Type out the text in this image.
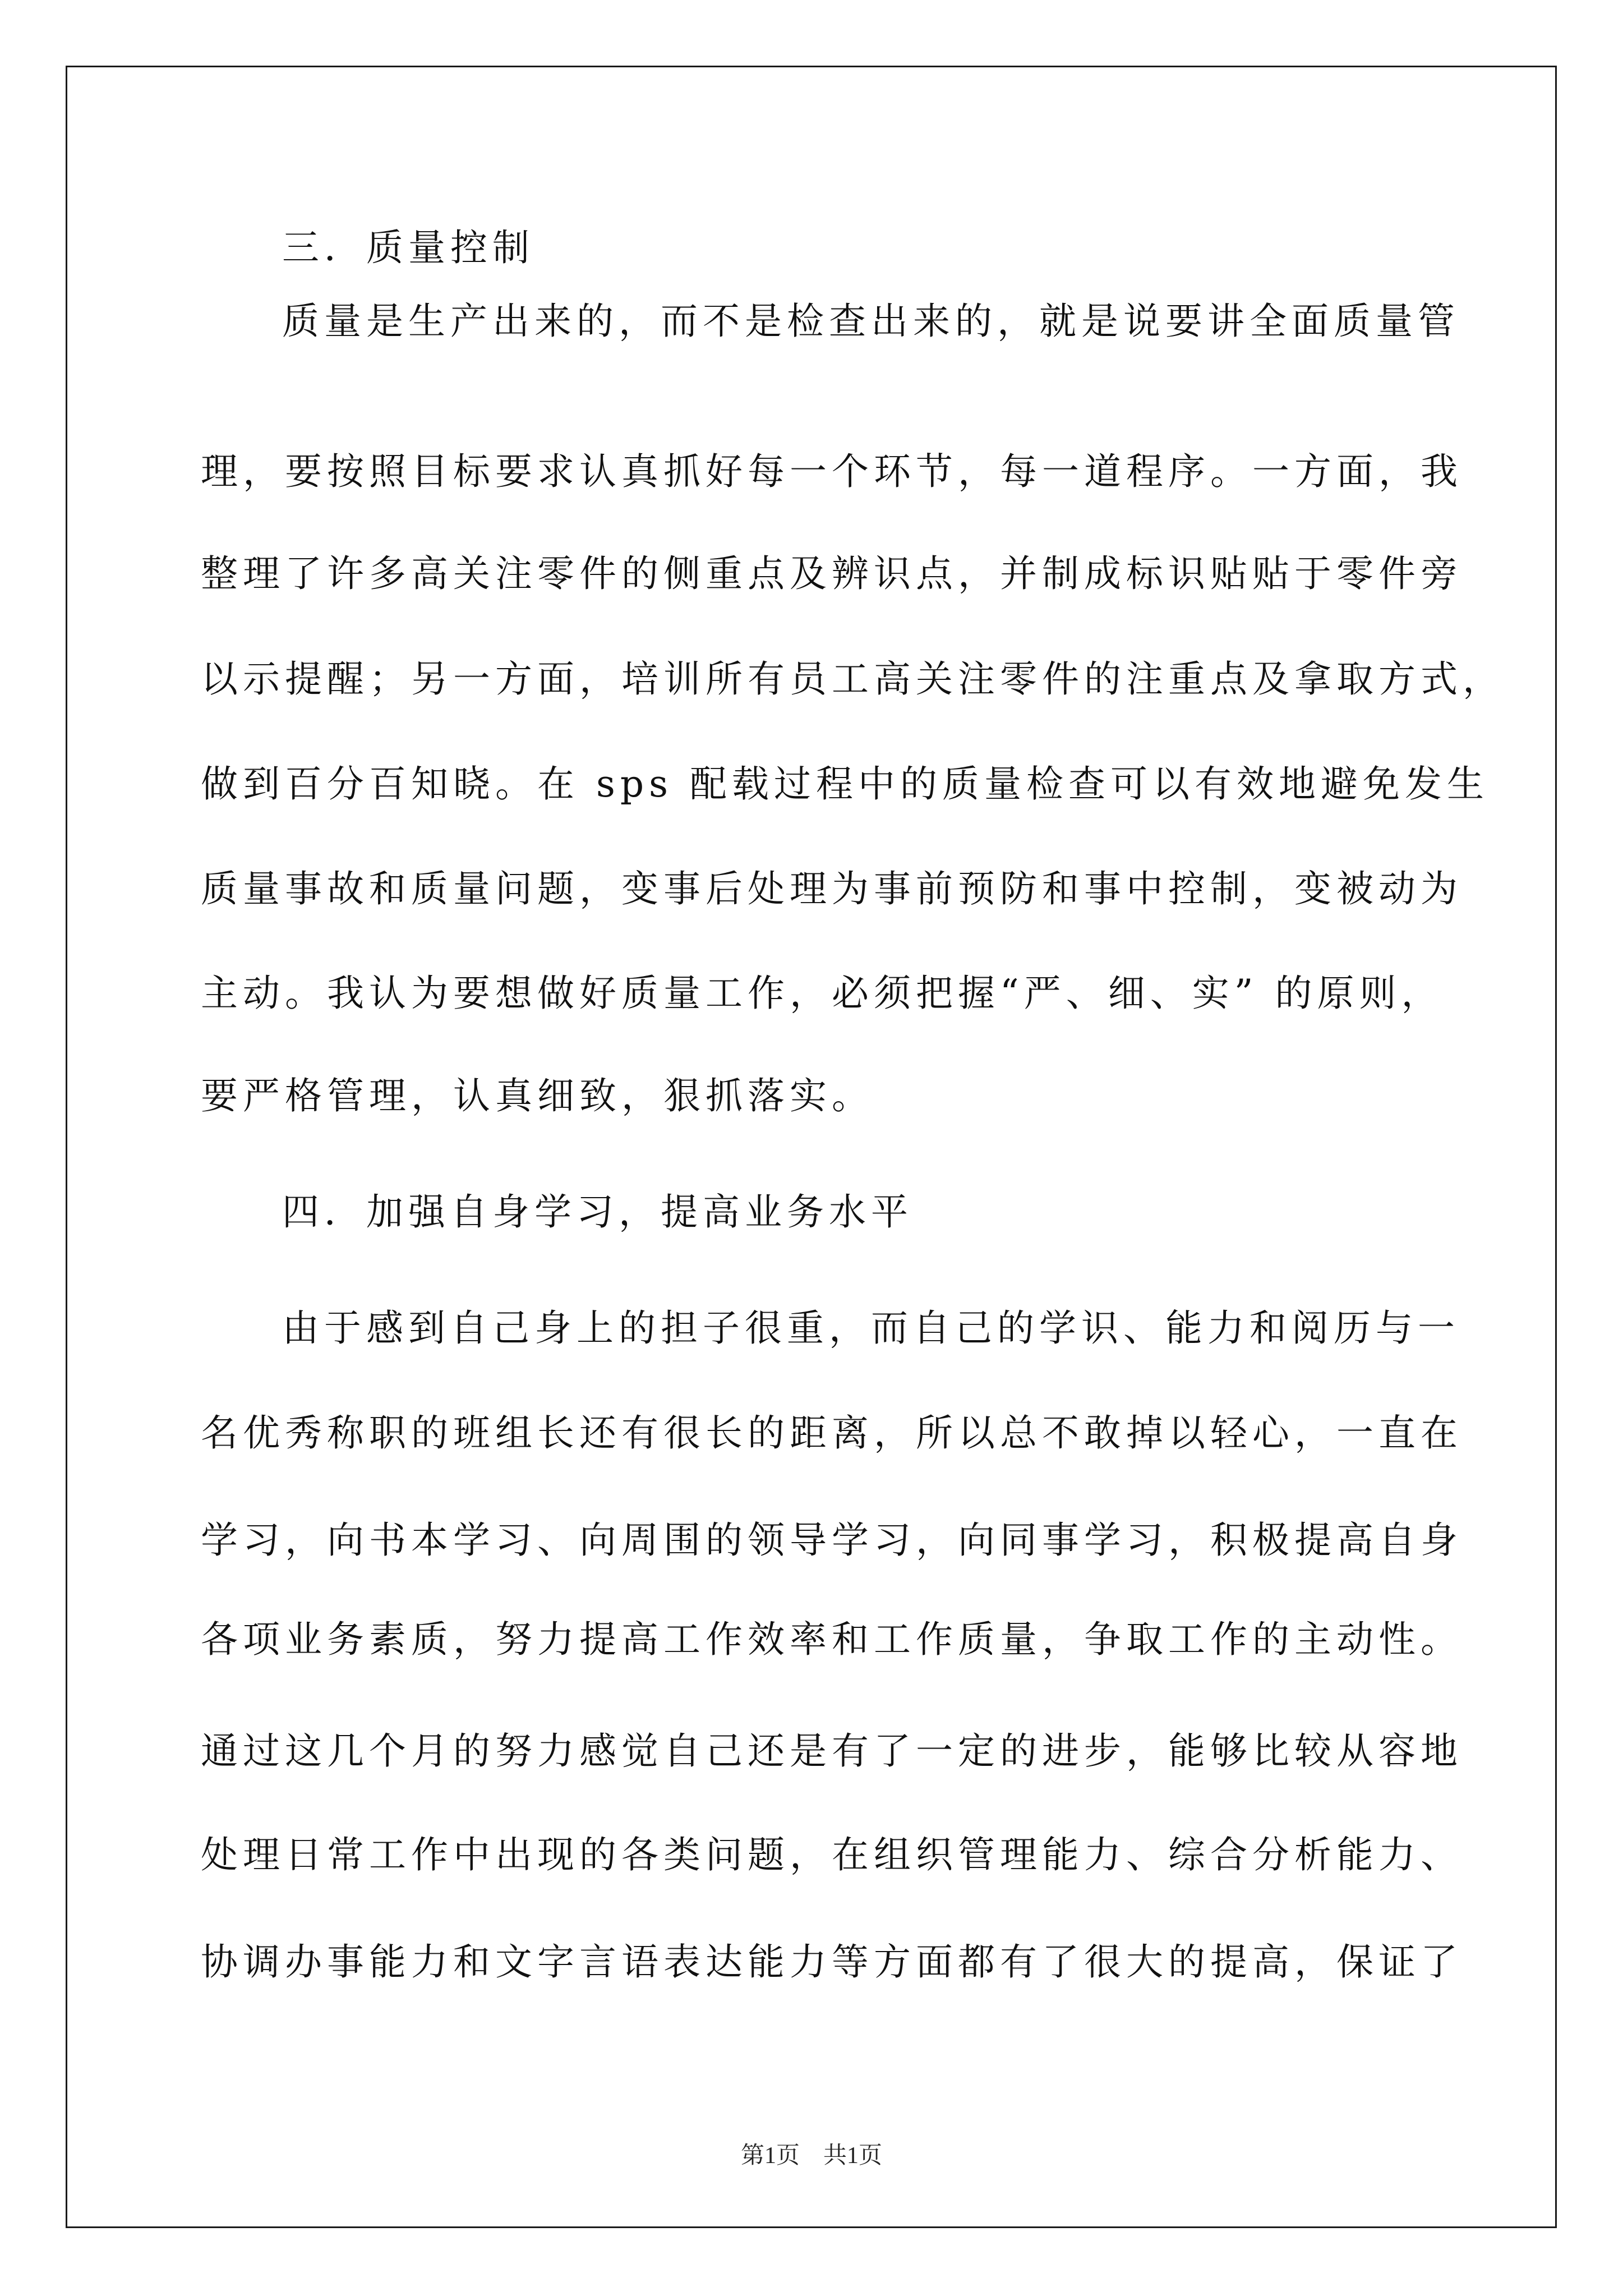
三．质量控制

质量是生产出来的，而不是检查出来的，就是说要讲全面质量管

理，要按照目标要求认真抓好每一个环节，每一道程序。一方面，我

整理了许多高关注零件的侧重点及辨识点，并制成标识贴贴于零件旁

以示提醒；另一方面，培训所有员工高关注零件的注重点及拿取方式，

做到百分百知晓。在 sps 配载过程中的质量检查可以有效地避免发生

质量事故和质量问题，变事后处理为事前预防和事中控制，变被动为

主动。我认为要想做好质量工作，必须把握“严、细、实” 的原则，

要严格管理，认真细致，狠抓落实。

四．加强自身学习，提高业务水平

由于感到自己身上的担子很重，而自己的学识、能力和阅历与一

名优秀称职的班组长还有很长的距离，所以总不敢掉以轻心，一直在

学习，向书本学习、向周围的领导学习，向同事学习，积极提高自身

各项业务素质，努力提高工作效率和工作质量，争取工作的主动性。

通过这几个月的努力感觉自己还是有了一定的进步，能够比较从容地

处理日常工作中出现的各类问题，在组织管理能力、综合分析能力、

协调办事能力和文字言语表达能力等方面都有了很大的提高，保证了

第1页　共1页
